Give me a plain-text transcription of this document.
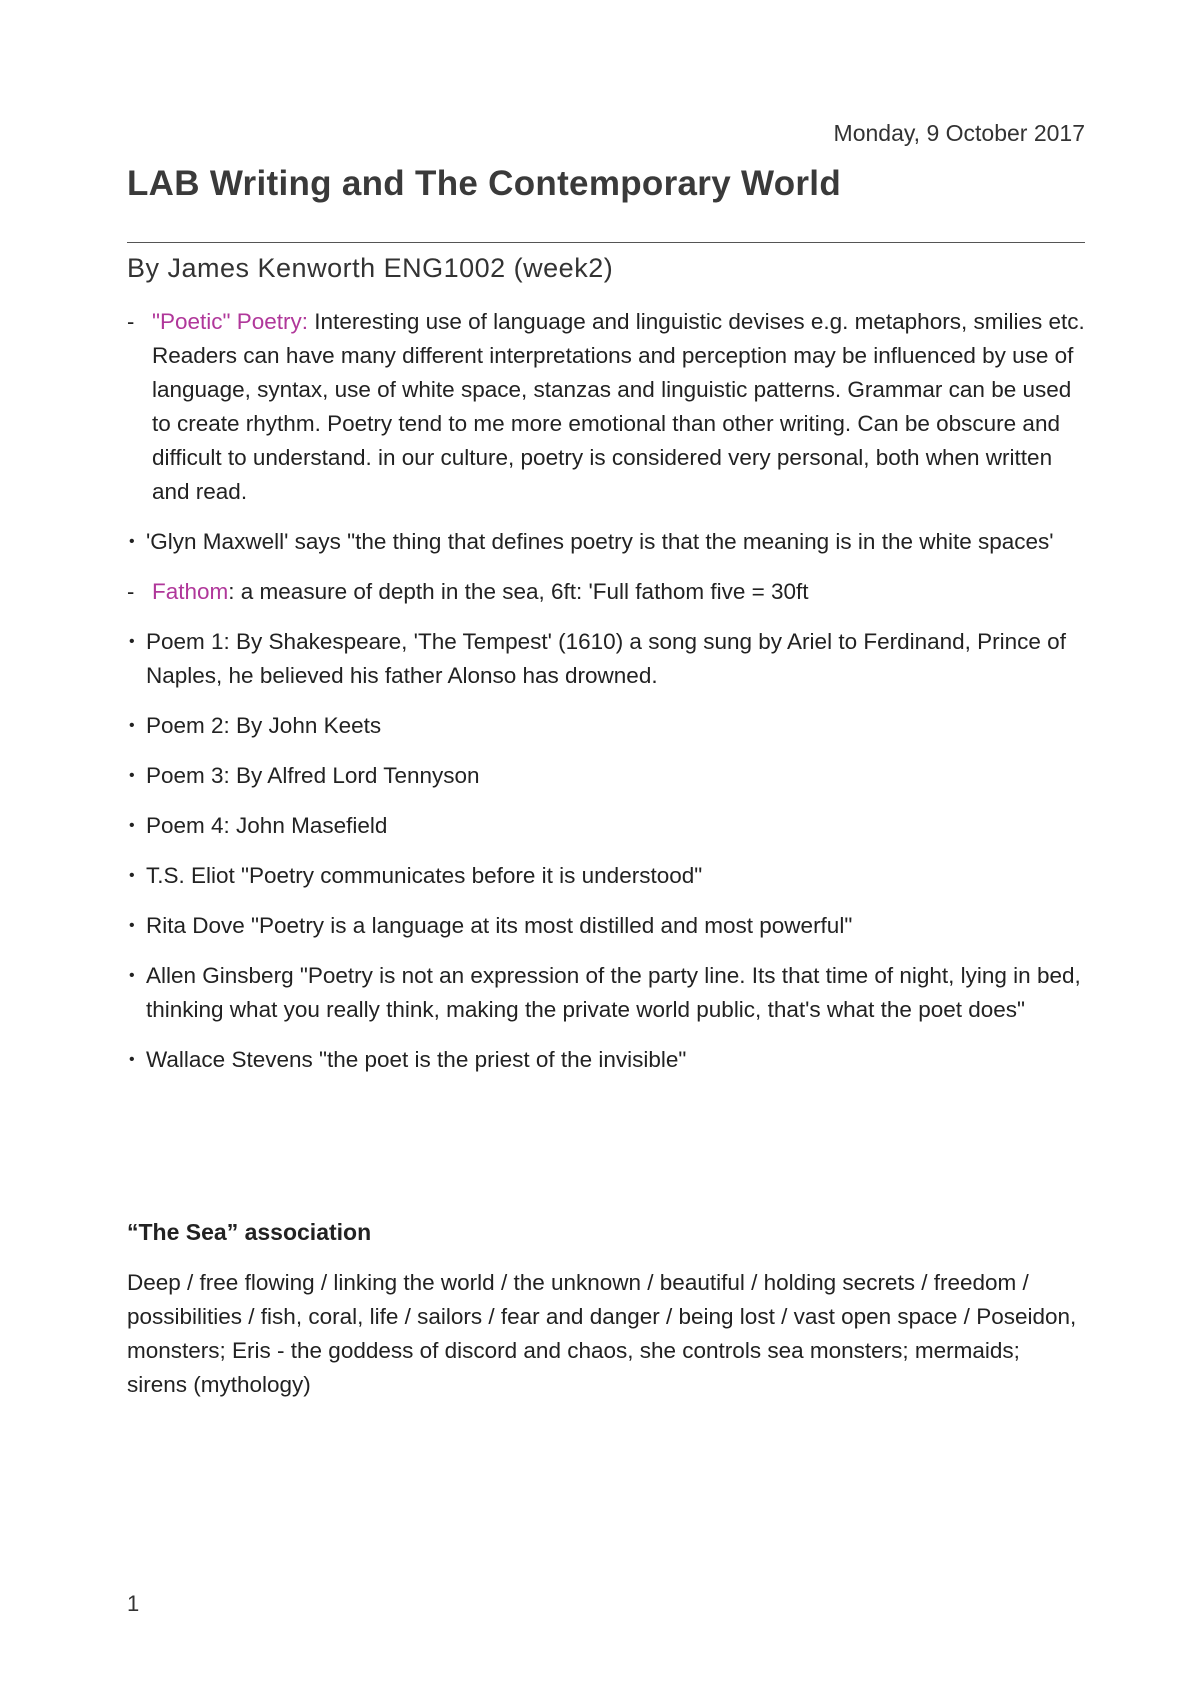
Monday, 9 October 2017
LAB Writing and The Contemporary World
By James Kenworth ENG1002 (week2)
- "Poetic" Poetry: Interesting use of language and linguistic devises e.g. metaphors, smilies etc. Readers can have many different interpretations and perception may be influenced by use of language, syntax, use of white space, stanzas and linguistic patterns. Grammar can be used to create rhythm. Poetry tend to me more emotional than other writing. Can be obscure and difficult to understand. in our culture, poetry is considered very personal, both when written and read.
• 'Glyn Maxwell' says "the thing that defines poetry is that the meaning is in the white spaces'
- Fathom: a measure of depth in the sea, 6ft: 'Full fathom five = 30ft
• Poem 1: By Shakespeare, 'The Tempest' (1610) a song sung by Ariel to Ferdinand, Prince of Naples, he believed his father Alonso has drowned.
• Poem 2: By John Keets
• Poem 3: By Alfred Lord Tennyson
• Poem 4: John Masefield
• T.S. Eliot "Poetry communicates before it is understood"
• Rita Dove "Poetry is a language at its most distilled and most powerful"
• Allen Ginsberg "Poetry is not an expression of the party line. Its that time of night, lying in bed, thinking what you really think, making the private world public, that's what the poet does"
• Wallace Stevens "the poet is the priest of the invisible"
“The Sea” association
Deep / free flowing / linking the world / the unknown / beautiful / holding secrets / freedom / possibilities / fish, coral, life / sailors / fear and danger / being lost / vast open space / Poseidon, monsters; Eris - the goddess of discord and chaos, she controls sea monsters; mermaids; sirens (mythology)
1
